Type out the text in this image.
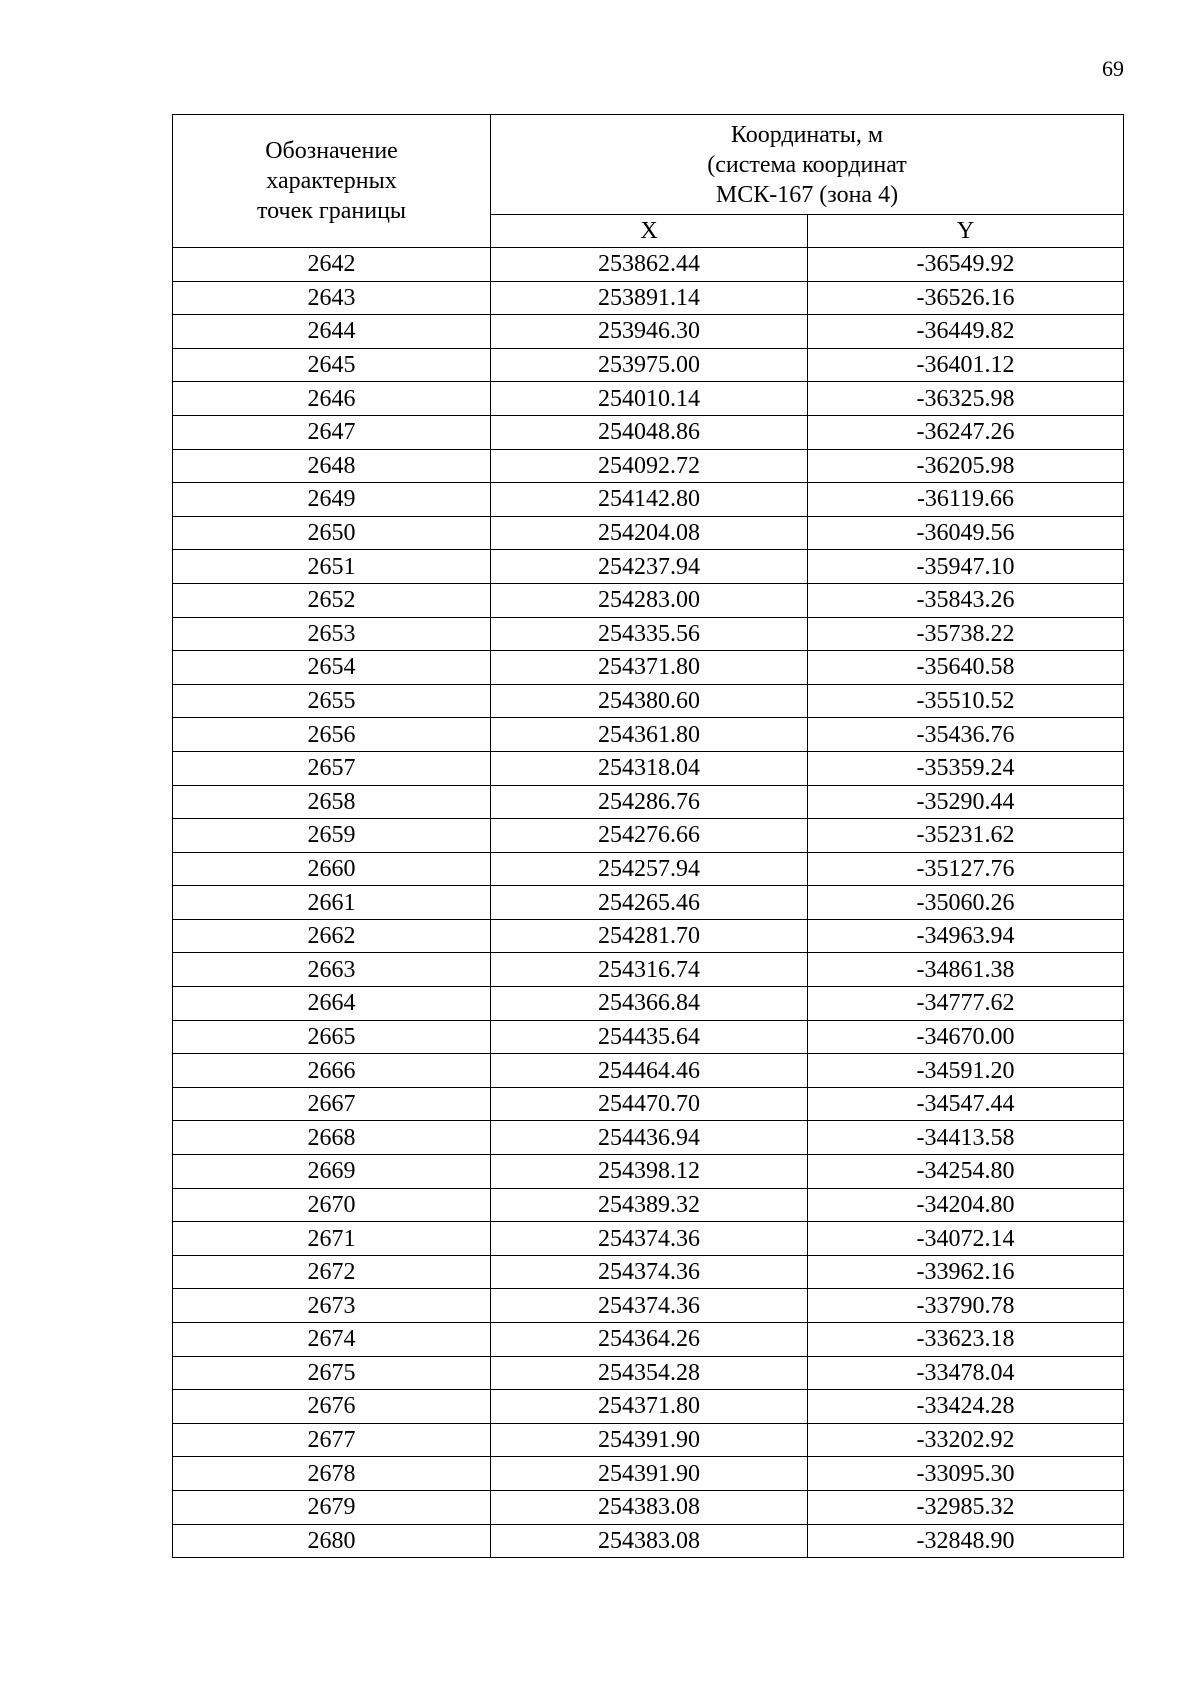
69
Обозначение
характерных
точек границы	Координаты, м
(система координат
МСК-167 (зона 4)	
	X	Y
2642	253862.44	-36549.92
2643	253891.14	-36526.16
2644	253946.30	-36449.82
2645	253975.00	-36401.12
2646	254010.14	-36325.98
2647	254048.86	-36247.26
2648	254092.72	-36205.98
2649	254142.80	-36119.66
2650	254204.08	-36049.56
2651	254237.94	-35947.10
2652	254283.00	-35843.26
2653	254335.56	-35738.22
2654	254371.80	-35640.58
2655	254380.60	-35510.52
2656	254361.80	-35436.76
2657	254318.04	-35359.24
2658	254286.76	-35290.44
2659	254276.66	-35231.62
2660	254257.94	-35127.76
2661	254265.46	-35060.26
2662	254281.70	-34963.94
2663	254316.74	-34861.38
2664	254366.84	-34777.62
2665	254435.64	-34670.00
2666	254464.46	-34591.20
2667	254470.70	-34547.44
2668	254436.94	-34413.58
2669	254398.12	-34254.80
2670	254389.32	-34204.80
2671	254374.36	-34072.14
2672	254374.36	-33962.16
2673	254374.36	-33790.78
2674	254364.26	-33623.18
2675	254354.28	-33478.04
2676	254371.80	-33424.28
2677	254391.90	-33202.92
2678	254391.90	-33095.30
2679	254383.08	-32985.32
2680	254383.08	-32848.90
